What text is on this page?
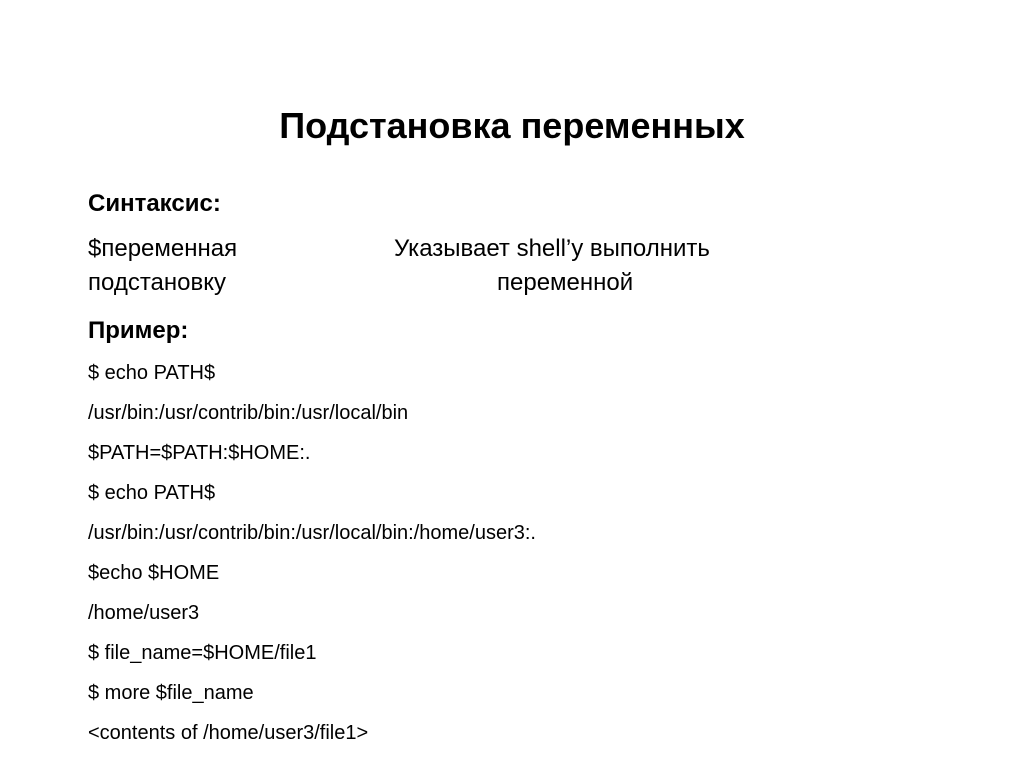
Подстановка переменных
Синтаксис:
$переменная	Указывает shell’у выполнить
подстановку	переменной
Пример:
$ echo PATH$
/usr/bin:/usr/contrib/bin:/usr/local/bin
$PATH=$PATH:$HOME:.
$ echo PATH$
/usr/bin:/usr/contrib/bin:/usr/local/bin:/home/user3:.
$echo $HOME
/home/user3
$ file_name=$HOME/file1
$ more $file_name
<contents of /home/user3/file1>
